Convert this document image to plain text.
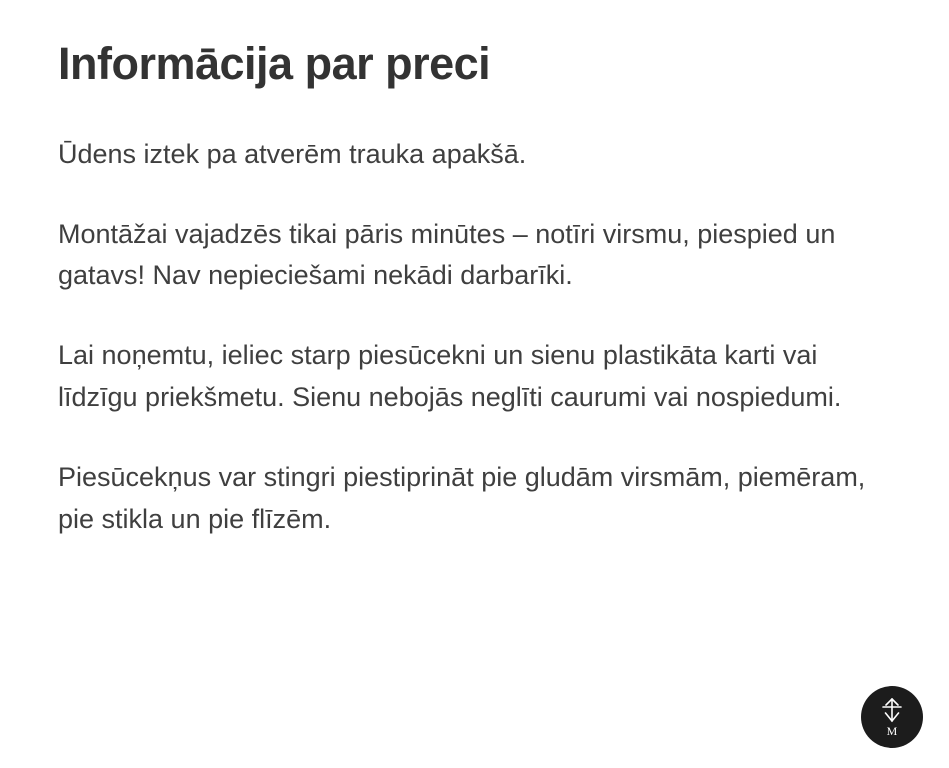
Informācija par preci

Ūdens iztek pa atverēm trauka apakšā.

Montāžai vajadzēs tikai pāris minūtes – notīri virsmu, piespied un gatavs! Nav nepieciešami nekādi darbarīki.

Lai noņemtu, ieliec starp piesūcekni un sienu plastikāta karti vai līdzīgu priekšmetu. Sienu nebojās neglīti caurumi vai nospiedumi.

Piesūcekņus var stingri piestiprināt pie gludām virsmām, piemēram, pie stikla un pie flīzēm.

M
